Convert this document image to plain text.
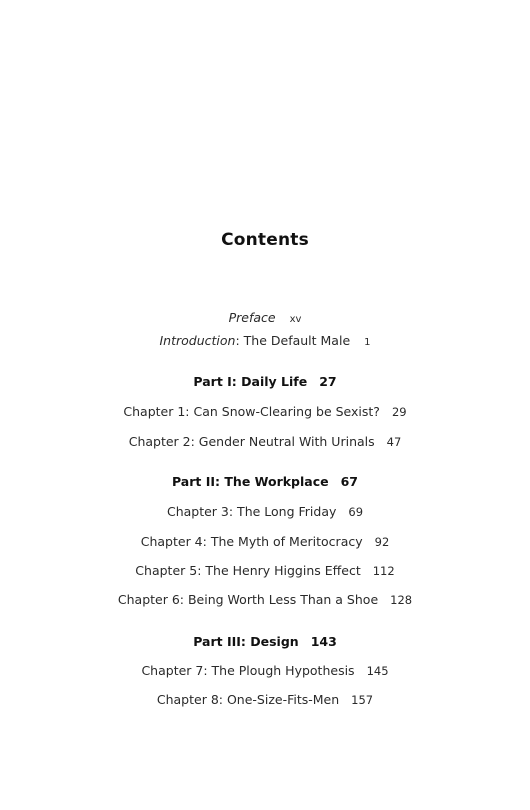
Contents
Preface xv
Introduction: The Default Male 1
Part I: Daily Life 27
Chapter 1: Can Snow-Clearing be Sexist? 29
Chapter 2: Gender Neutral With Urinals 47
Part II: The Workplace 67
Chapter 3: The Long Friday 69
Chapter 4: The Myth of Meritocracy 92
Chapter 5: The Henry Higgins Effect 112
Chapter 6: Being Worth Less Than a Shoe 128
Part III: Design 143
Chapter 7: The Plough Hypothesis 145
Chapter 8: One-Size-Fits-Men 157
